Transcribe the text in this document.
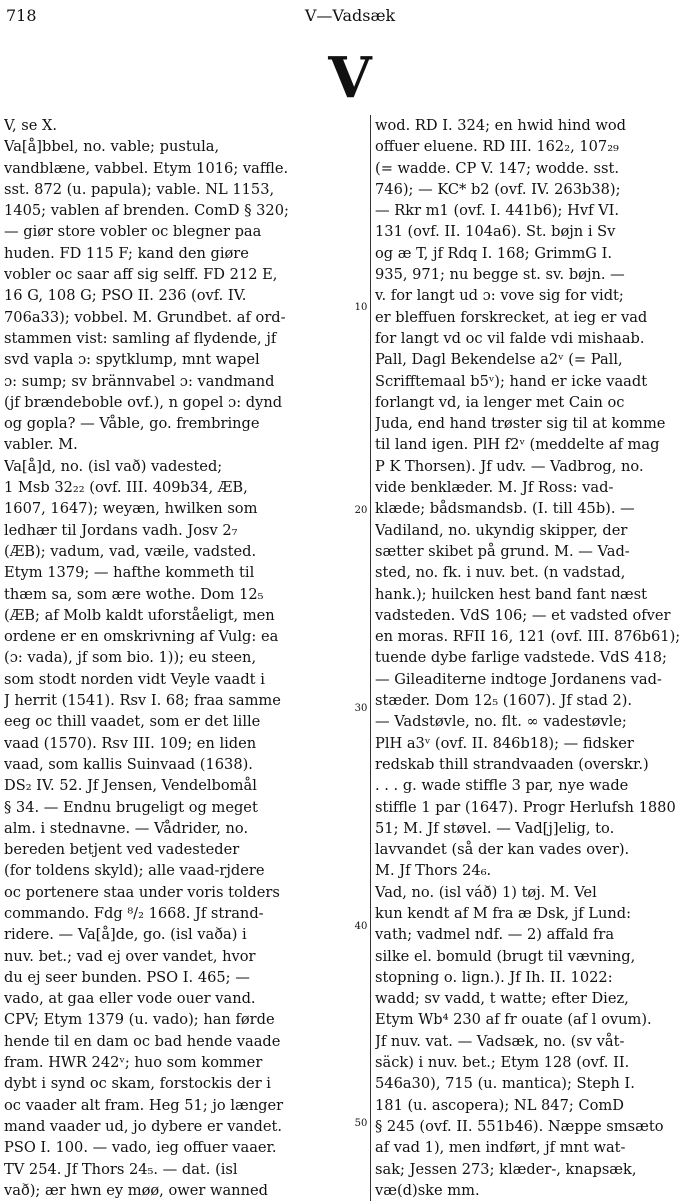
718	V—Vadsæk
V
V, se X.
Va[å]bbel, no. vable; pustula,
vandblæne, vabbel. Etym 1016; vaffle.
sst. 872 (u. papula); vable. NL 1153,
1405; vablen af brenden. ComD § 320;
— giør store vobler oc blegner paa
huden. FD 115 F; kand den giøre
vobler oc saar aff sig selff. FD 212 E,
16 G, 108 G; PSO II. 236 (ovf. IV.
706a33); vobbel. M. Grundbet. af ord-
stammen vist: samling af flydende, jf
svd vapla ɔ: spytklump, mnt wapel
ɔ: sump; sv brännvabel ɔ: vandmand
(jf brændeboble ovf.), n gopel ɔ: dynd
og gopla? — Våble, go. frembringe
vabler. M.
Va[å]d, no. (isl vað) vadested;
1 Msb 32₂₂ (ovf. III. 409b34, ÆB,
1607, 1647); weyæn, hwilken som
ledhær til Jordans vadh. Josv 2₇
(ÆB); vadum, vad, væile, vadsted.
Etym 1379; — hafthe kommeth til
thæm sa, som ære wothe. Dom 12₅
(ÆB; af Molb kaldt uforståeligt, men
ordene er en omskrivning af Vulg: ea
(ɔ: vada), jf som bio. 1)); eu steen,
som stodt norden vidt Veyle vaadt i
J herrit (1541). Rsv I. 68; fraa samme
eeg oc thill vaadet, som er det lille
vaad (1570). Rsv III. 109; en liden
vaad, som kallis Suinvaad (1638).
DS₂ IV. 52. Jf Jensen, Vendelbomål
§ 34. — Endnu brugeligt og meget
alm. i stednavne. — Vådrider, no.
bereden betjent ved vadesteder
(for toldens skyld); alle vaad-rjdere
oc portenere staa under voris tolders
commando. Fdg ⁸/₂ 1668. Jf strand-
ridere. — Va[å]de, go. (isl vaða) i
nuv. bet.; vad ej over vandet, hvor
du ej seer bunden. PSO I. 465; —
vado, at gaa eller vode ouer vand.
CPV; Etym 1379 (u. vado); han førde
hende til en dam oc bad hende vaade
fram. HWR 242ᵛ; huo som kommer
dybt i synd oc skam, forstockis der i
oc vaader alt fram. Heg 51; jo længer
mand vaader ud, jo dybere er vandet.
PSO I. 100. — vado, ieg offuer vaaer.
TV 254. Jf Thors 24₅. — dat. (isl
vað); ær hwn ey møø, ower wanned
10
20
30
40
50
wod. RD I. 324; en hwid hind wod
offuer eluene. RD III. 162₂, 107₂₉
(= wadde. CP V. 147; wodde. sst.
746); — KC* b2 (ovf. IV. 263b38);
— Rkr m1 (ovf. I. 441b6); Hvf VI.
131 (ovf. II. 104a6). St. bøjn i Sv
og æ T, jf Rdq I. 168; GrimmG I.
935, 971; nu begge st. sv. bøjn. —
v. for langt ud ɔ: vove sig for vidt;
er bleffuen forskrecket, at ieg er vad
for langt vd oc vil falde vdi mishaab.
Pall, Dagl Bekendelse a2ᵛ (= Pall,
Scrifftemaal b5ᵛ); hand er icke vaadt
forlangt vd, ia lenger met Cain oc
Juda, end hand trøster sig til at komme
til land igen. PlH f2ᵛ (meddelte af mag
P K Thorsen). Jf udv. — Vadbrog, no.
vide benklæder. M. Jf Ross: vad-
klæde; bådsmandsb. (I. till 45b). —
Vadiland, no. ukyndig skipper, der
sætter skibet på grund. M. — Vad-
sted, no. fk. i nuv. bet. (n vadstad,
hank.); huilcken hest band fant næst
vadsteden. VdS 106; — et vadsted ofver
en moras. RFII 16, 121 (ovf. III. 876b61);
tuende dybe farlige vadstede. VdS 418;
— Gileaditerne indtoge Jordanens vad-
stæder. Dom 12₅ (1607). Jf stad 2).
— Vadstøvle, no. flt. ∞ vadestøvle;
PlH a3ᵛ (ovf. II. 846b18); — fidsker
redskab thill strandvaaden (overskr.)
. . . g. wade stiffle 3 par, nye wade
stiffle 1 par (1647). Progr Herlufsh 1880
51; M. Jf støvel. — Vad[j]elig, to.
lavvandet (så der kan vades over).
M. Jf Thors 24₆.
Vad, no. (isl váð) 1) tøj. M. Vel
kun kendt af M fra æ Dsk, jf Lund:
vath; vadmel ndf. — 2) affald fra
silke el. bomuld (brugt til vævning,
stopning o. lign.). Jf Ih. II. 1022:
wadd; sv vadd, t watte; efter Diez,
Etym Wb⁴ 230 af fr ouate (af l ovum).
Jf nuv. vat. — Vadsæk, no. (sv våt-
säck) i nuv. bet.; Etym 128 (ovf. II.
546a30), 715 (u. mantica); Steph I.
181 (u. ascopera); NL 847; ComD
§ 245 (ovf. II. 551b46). Næppe smsæto
af vad 1), men indført, jf mnt wat-
sak; Jessen 273; klæder-, knapsæk,
væ(d)ske mm.
